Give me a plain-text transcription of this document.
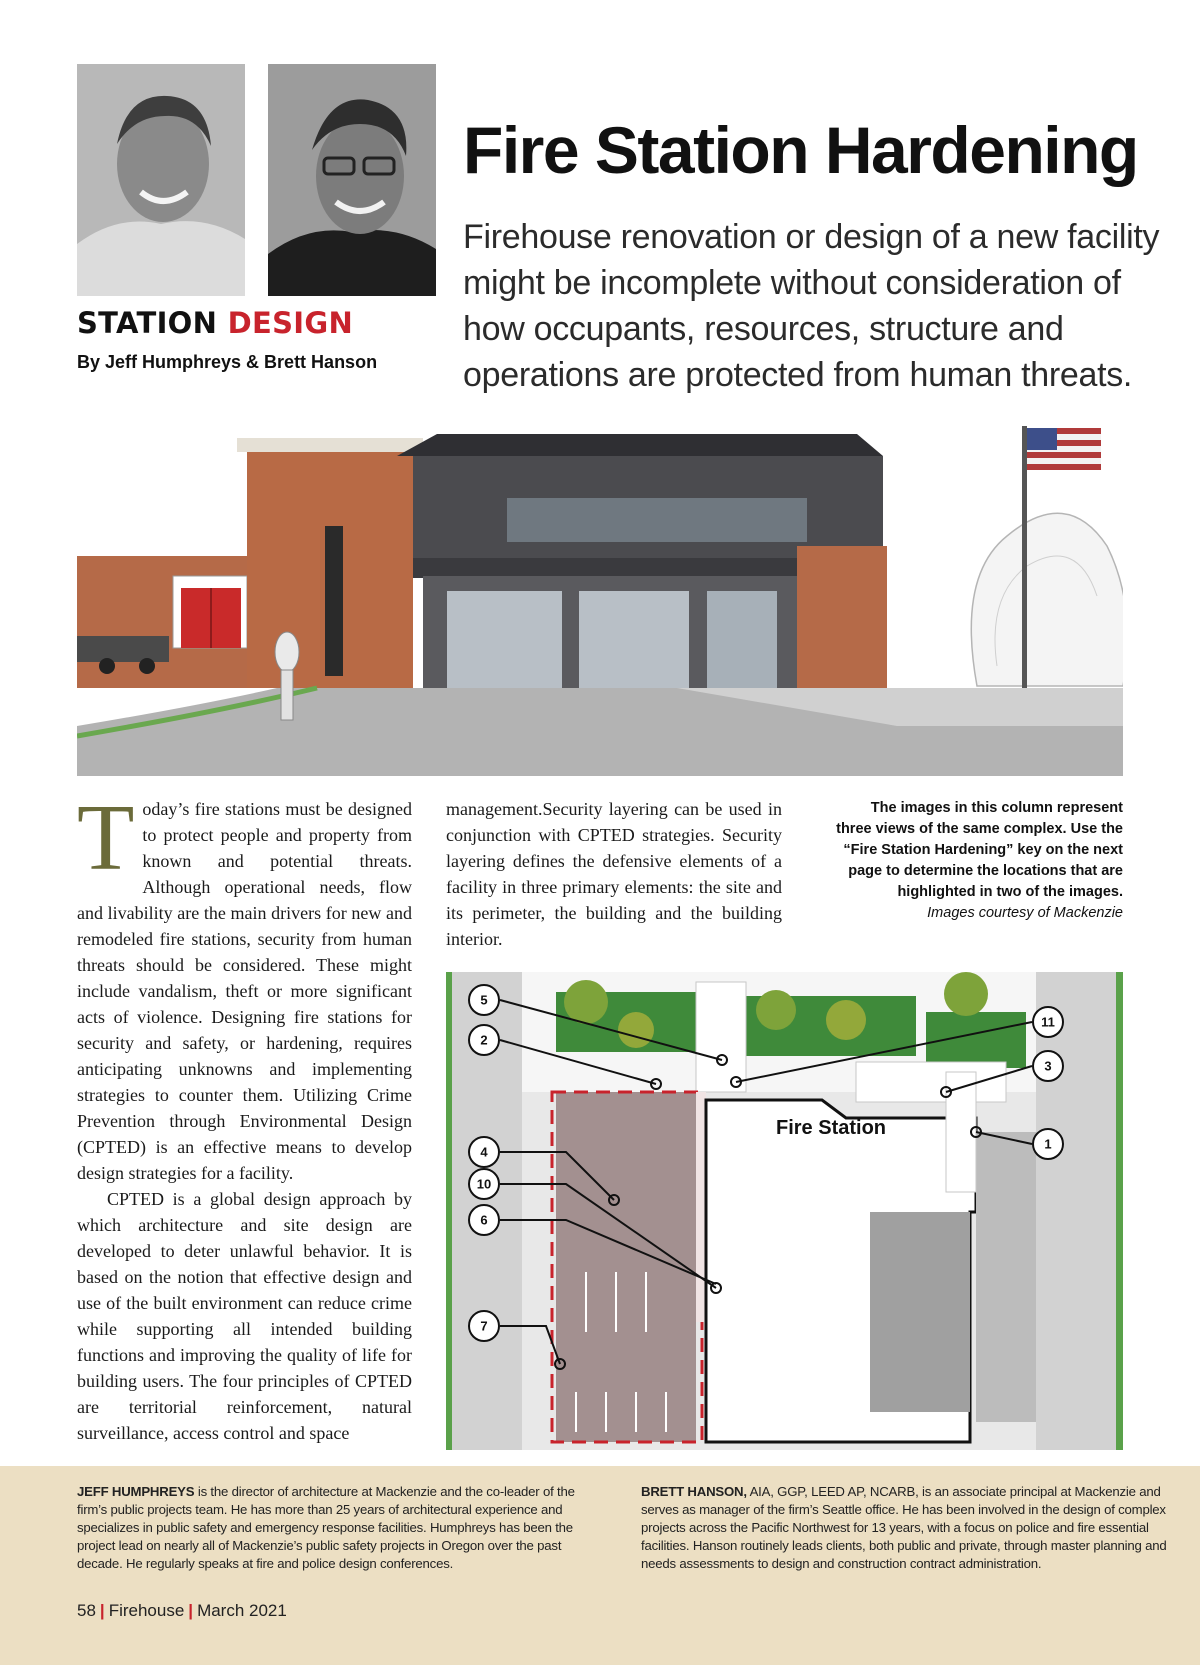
STATION DESIGN
By Jeff Humphreys & Brett Hanson
Fire Station Hardening
Firehouse renovation or design of a new facility might be incomplete without consideration of how occupants, resources, structure and operations are protected from human threats.

Today’s fire stations must be designed to protect people and property from known and potential threats. Although operational needs, flow and livability are the main drivers for new and remodeled fire stations, security from human threats should be considered. These might include vandalism, theft or more significant acts of violence. Designing fire stations for security and safety, or hardening, requires anticipating unknowns and implementing strategies to counter them. Utilizing Crime Prevention through Environmental Design (CPTED) is an effective means to develop design strategies for a facility.

CPTED is a global design approach by which architecture and site design are developed to deter unlawful behavior. It is based on the notion that effective design and use of the built environment can reduce crime while supporting all intended building functions and improving the quality of life for building users. The four principles of CPTED are territorial reinforcement, natural surveillance, access control and space

management.Security layering can be used in conjunction with CPTED strategies. Security layering defines the defensive elements of a facility in three primary elements: the site and its perimeter, the building and the building interior.

The images in this column represent three views of the same complex. Use the “Fire Station Hardening” key on the next page to determine the locations that are highlighted in two of the images.
Images courtesy of Mackenzie
5
2
4
10
6
7
11
3
1
Fire Station
JEFF HUMPHREYS is the director of architecture at Mackenzie and the co-leader of the firm’s public projects team. He has more than 25 years of architectural experience and specializes in public safety and emergency response facilities. Humphreys has been the project lead on nearly all of Mackenzie’s public safety projects in Oregon over the past decade. He regularly speaks at fire and police design conferences.
BRETT HANSON, AIA, GGP, LEED AP, NCARB, is an associate principal at Mackenzie and serves as manager of the firm’s Seattle office. He has been involved in the design of complex projects across the Pacific Northwest for 13 years, with a focus on police and fire essential facilities. Hanson routinely leads clients, both public and private, through master planning and needs assessments to design and construction contract administration.
58 | Firehouse | March 2021
